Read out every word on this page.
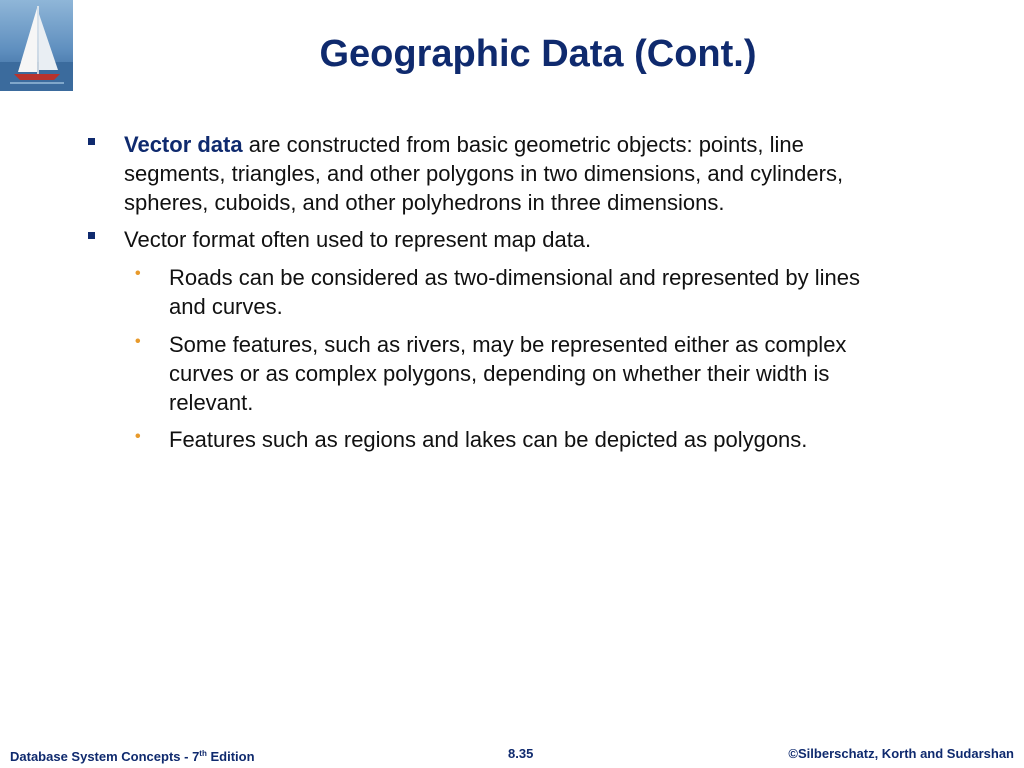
Geographic Data (Cont.)
Vector data are constructed from basic geometric objects: points, line
segments, triangles, and other polygons in two dimensions, and cylinders,
spheres, cuboids, and other polyhedrons in three dimensions.
Vector format often used to represent map data.
• Roads can be considered as two-dimensional and represented by lines
and curves.
• Some features, such as rivers, may be represented either as complex
curves or as complex polygons, depending on whether their width is
relevant.
• Features such as regions and lakes can be depicted as polygons.
Database System Concepts - 7th Edition	8.35	©Silberschatz, Korth and Sudarshan
